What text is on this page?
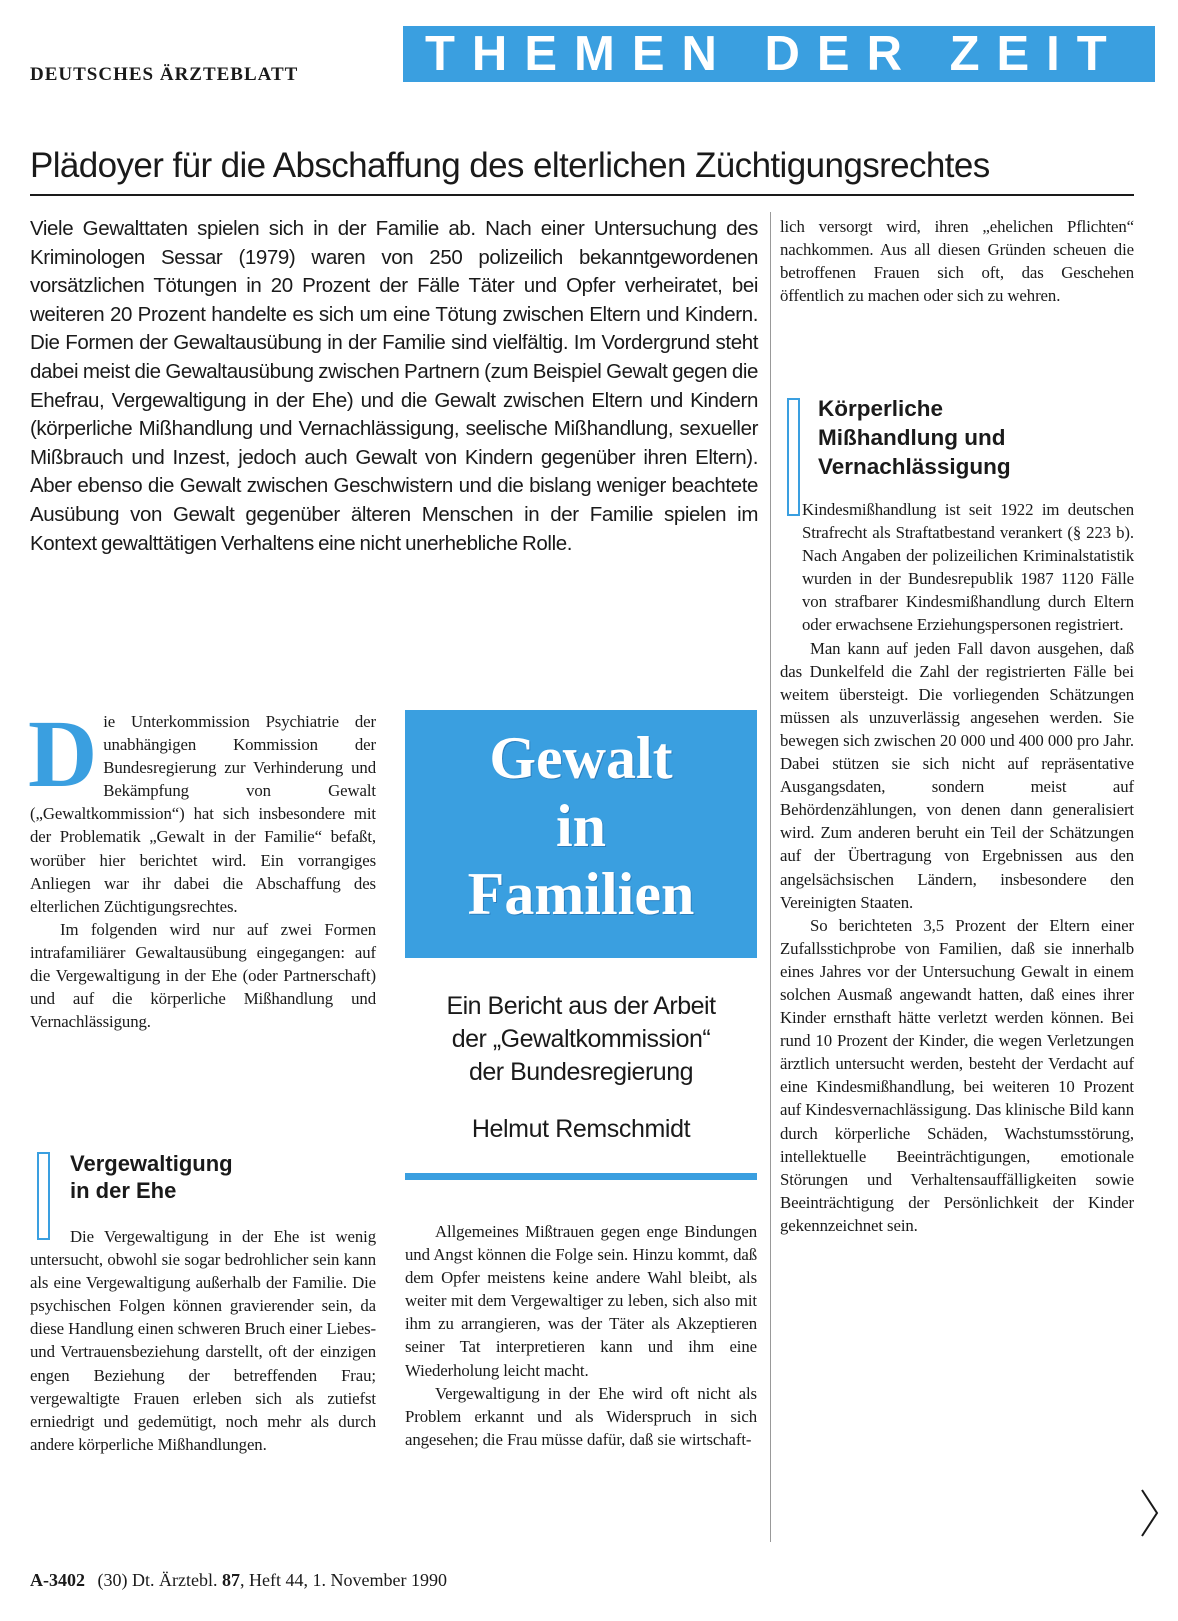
DEUTSCHES ÄRZTEBLATT	THEMEN DER ZEIT
Plädoyer für die Abschaffung des elterlichen Züchtigungsrechtes
Viele Gewalttaten spielen sich in der Familie ab. Nach einer Untersuchung des Kriminologen Sessar (1979) waren von 250 polizeilich bekanntgewordenen vorsätzlichen Tötungen in 20 Prozent der Fälle Täter und Opfer verheiratet, bei weiteren 20 Prozent handelte es sich um eine Tötung zwischen Eltern und Kindern. Die Formen der Gewaltausübung in der Familie sind vielfältig. Im Vordergrund steht dabei meist die Gewaltausübung zwischen Partnern (zum Beispiel Gewalt gegen die Ehefrau, Vergewaltigung in der Ehe) und die Gewalt zwischen Eltern und Kindern (körperliche Mißhandlung und Vernachlässigung, seelische Mißhandlung, sexueller Mißbrauch und Inzest, jedoch auch Gewalt von Kindern gegenüber ihren Eltern). Aber ebenso die Gewalt zwischen Geschwistern und die bislang weniger beachtete Ausübung von Gewalt gegenüber älteren Menschen in der Familie spielen im Kontext gewalttätigen Verhaltens eine nicht unerhebliche Rolle.

Die Unterkommission Psychiatrie der unabhängigen Kommission der Bundesregierung zur Verhinderung und Bekämpfung von Gewalt („Gewaltkommission“) hat sich insbesondere mit der Problematik „Gewalt in der Familie“ befaßt, worüber hier berichtet wird. Ein vorrangiges Anliegen war ihr dabei die Abschaffung des elterlichen Züchtigungsrechtes.

Im folgenden wird nur auf zwei Formen intrafamiliärer Gewaltausübung eingegangen: auf die Vergewaltigung in der Ehe (oder Partnerschaft) und auf die körperliche Mißhandlung und Vernachlässigung.

Vergewaltigung
in der Ehe

Die Vergewaltigung in der Ehe ist wenig untersucht, obwohl sie sogar bedrohlicher sein kann als eine Vergewaltigung außerhalb der Familie. Die psychischen Folgen können gravierender sein, da diese Handlung einen schweren Bruch einer Liebes- und Vertrauensbeziehung darstellt, oft der einzigen engen Beziehung der betreffenden Frau; vergewaltigte Frauen erleben sich als zutiefst erniedrigt und gedemütigt, noch mehr als durch andere körperliche Mißhandlungen.

Gewalt
in
Familien
Ein Bericht aus der Arbeit
der „Gewaltkommission“
der Bundesregierung
Helmut Remschmidt

Allgemeines Mißtrauen gegen enge Bindungen und Angst können die Folge sein. Hinzu kommt, daß dem Opfer meistens keine andere Wahl bleibt, als weiter mit dem Vergewaltiger zu leben, sich also mit ihm zu arrangieren, was der Täter als Akzeptieren seiner Tat interpretieren kann und ihm eine Wiederholung leicht macht.

Vergewaltigung in der Ehe wird oft nicht als Problem erkannt und als Widerspruch in sich angesehen; die Frau müsse dafür, daß sie wirtschaft-

lich versorgt wird, ihren „ehelichen Pflichten“ nachkommen. Aus all diesen Gründen scheuen die betroffenen Frauen sich oft, das Geschehen öffentlich zu machen oder sich zu wehren.

Körperliche
Mißhandlung und
Vernachlässigung

Kindesmißhandlung ist seit 1922 im deutschen Strafrecht als Straftatbestand verankert (§ 223 b). Nach Angaben der polizeilichen Kriminalstatistik wurden in der Bundesrepublik 1987 1120 Fälle von strafbarer Kindesmißhandlung durch Eltern oder erwachsene Erziehungspersonen registriert.

Man kann auf jeden Fall davon ausgehen, daß das Dunkelfeld die Zahl der registrierten Fälle bei weitem übersteigt. Die vorliegenden Schätzungen müssen als unzuverlässig angesehen werden. Sie bewegen sich zwischen 20 000 und 400 000 pro Jahr. Dabei stützen sie sich nicht auf repräsentative Ausgangsdaten, sondern meist auf Behördenzählungen, von denen dann generalisiert wird. Zum anderen beruht ein Teil der Schätzungen auf der Übertragung von Ergebnissen aus den angelsächsischen Ländern, insbesondere den Vereinigten Staaten.

So berichteten 3,5 Prozent der Eltern einer Zufallsstichprobe von Familien, daß sie innerhalb eines Jahres vor der Untersuchung Gewalt in einem solchen Ausmaß angewandt hatten, daß eines ihrer Kinder ernsthaft hätte verletzt werden können. Bei rund 10 Prozent der Kinder, die wegen Verletzungen ärztlich untersucht werden, besteht der Verdacht auf eine Kindesmißhandlung, bei weiteren 10 Prozent auf Kindesvernachlässigung. Das klinische Bild kann durch körperliche Schäden, Wachstumsstörung, intellektuelle Beeinträchtigungen, emotionale Störungen und Verhaltensauffälligkeiten sowie Beeinträchtigung der Persönlichkeit der Kinder gekennzeichnet sein.

A-3402 (30) Dt. Ärztebl. 87, Heft 44, 1. November 1990
